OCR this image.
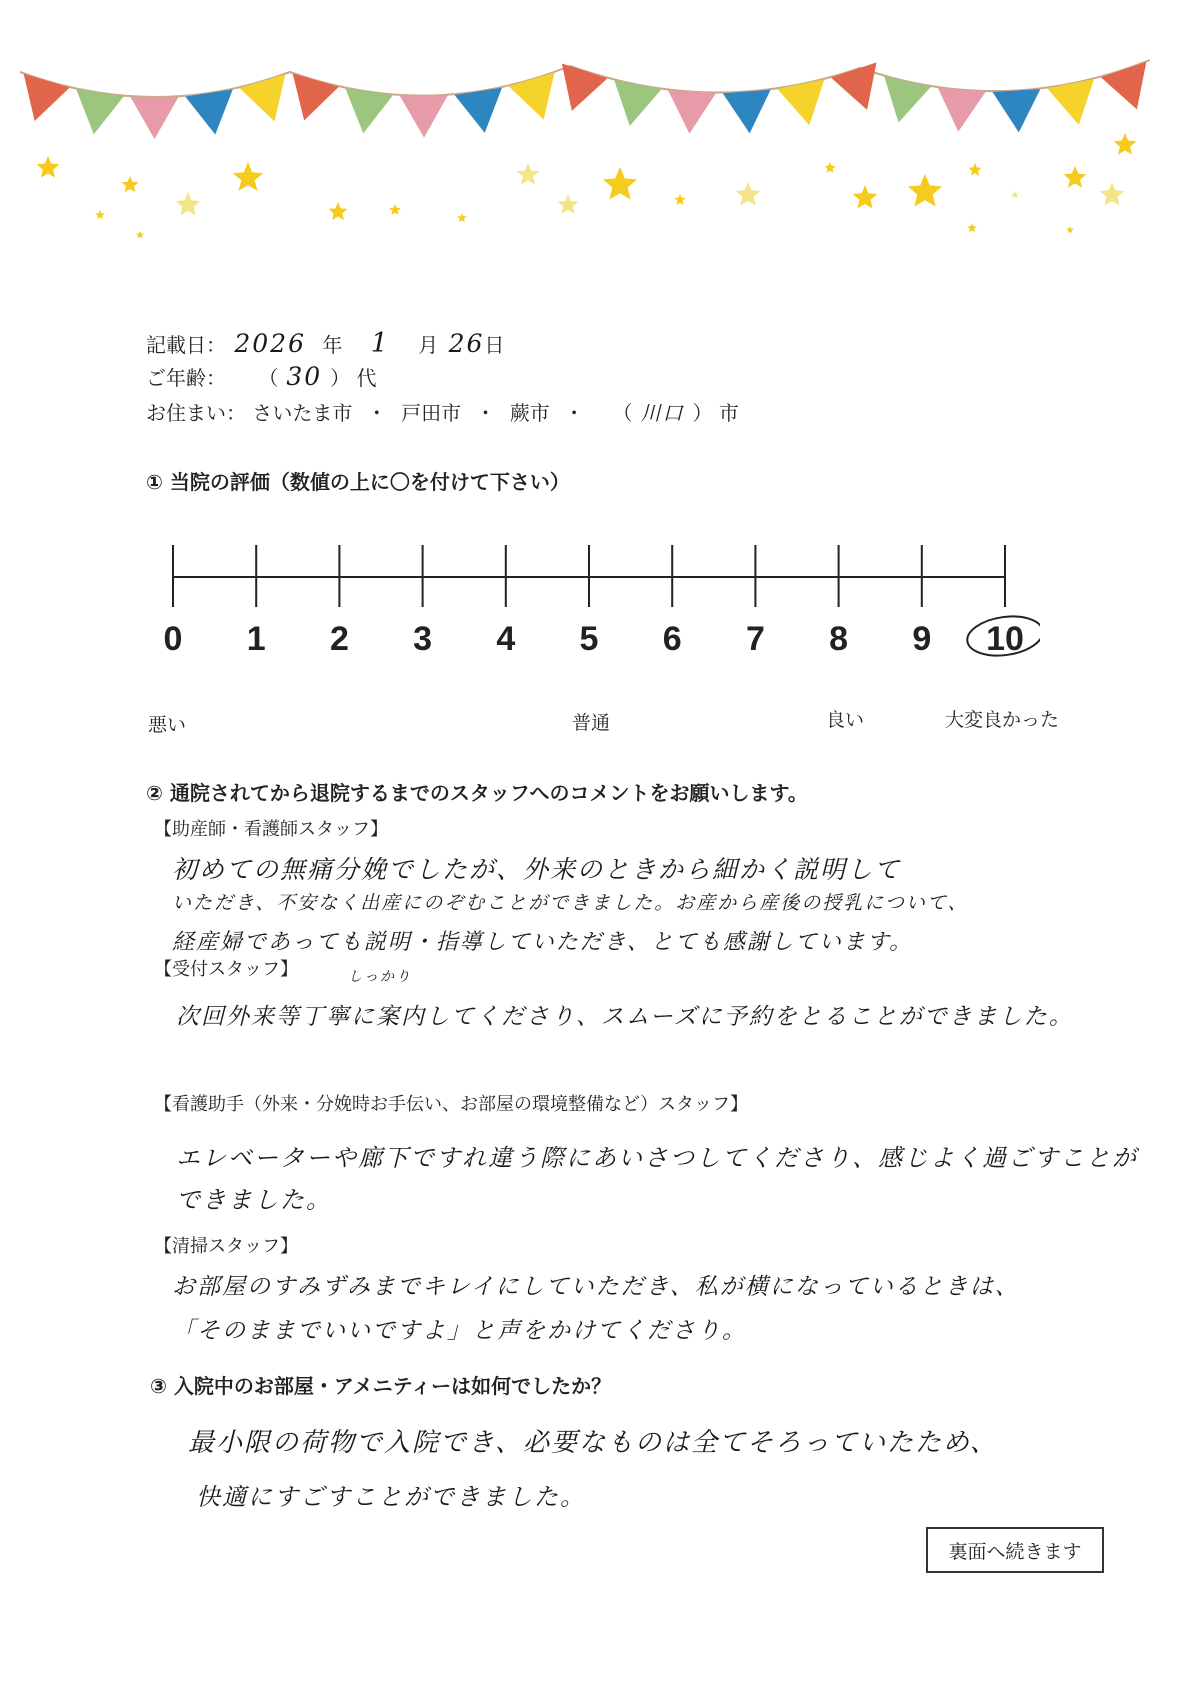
記載日： 2026 年 1 月 26日
ご年齢： （ 30 ） 代
お住まい： さいたま市 ・ 戸田市 ・ 蕨市 ・ （ 川口 ） 市
① 当院の評価（数値の上に〇を付けて下さい）
0 1 2 3 4 5 6 7 8 9 10
悪い	普通	良い	大変良かった
② 通院されてから退院するまでのスタッフへのコメントをお願いします。
【助産師・看護師スタッフ】
初めての無痛分娩でしたが、外来のときから細かく説明して
いただき、不安なく出産にのぞむことができました。お産から産後の授乳について、
経産婦であっても説明・指導していただき、とても感謝しています。
しっかり
【受付スタッフ】
次回外来等丁寧に案内してくださり、スムーズに予約をとることができました。
【看護助手（外来・分娩時お手伝い、お部屋の環境整備など）スタッフ】
エレベーターや廊下ですれ違う際にあいさつしてくださり、感じよく過ごすことが
できました。
【清掃スタッフ】
お部屋のすみずみまでキレイにしていただき、私が横になっているときは、
「そのままでいいですよ」と声をかけてくださり。
③ 入院中のお部屋・アメニティーは如何でしたか？
最小限の荷物で入院でき、必要なものは全てそろっていたため、
快適にすごすことができました。
裏面へ続きます
